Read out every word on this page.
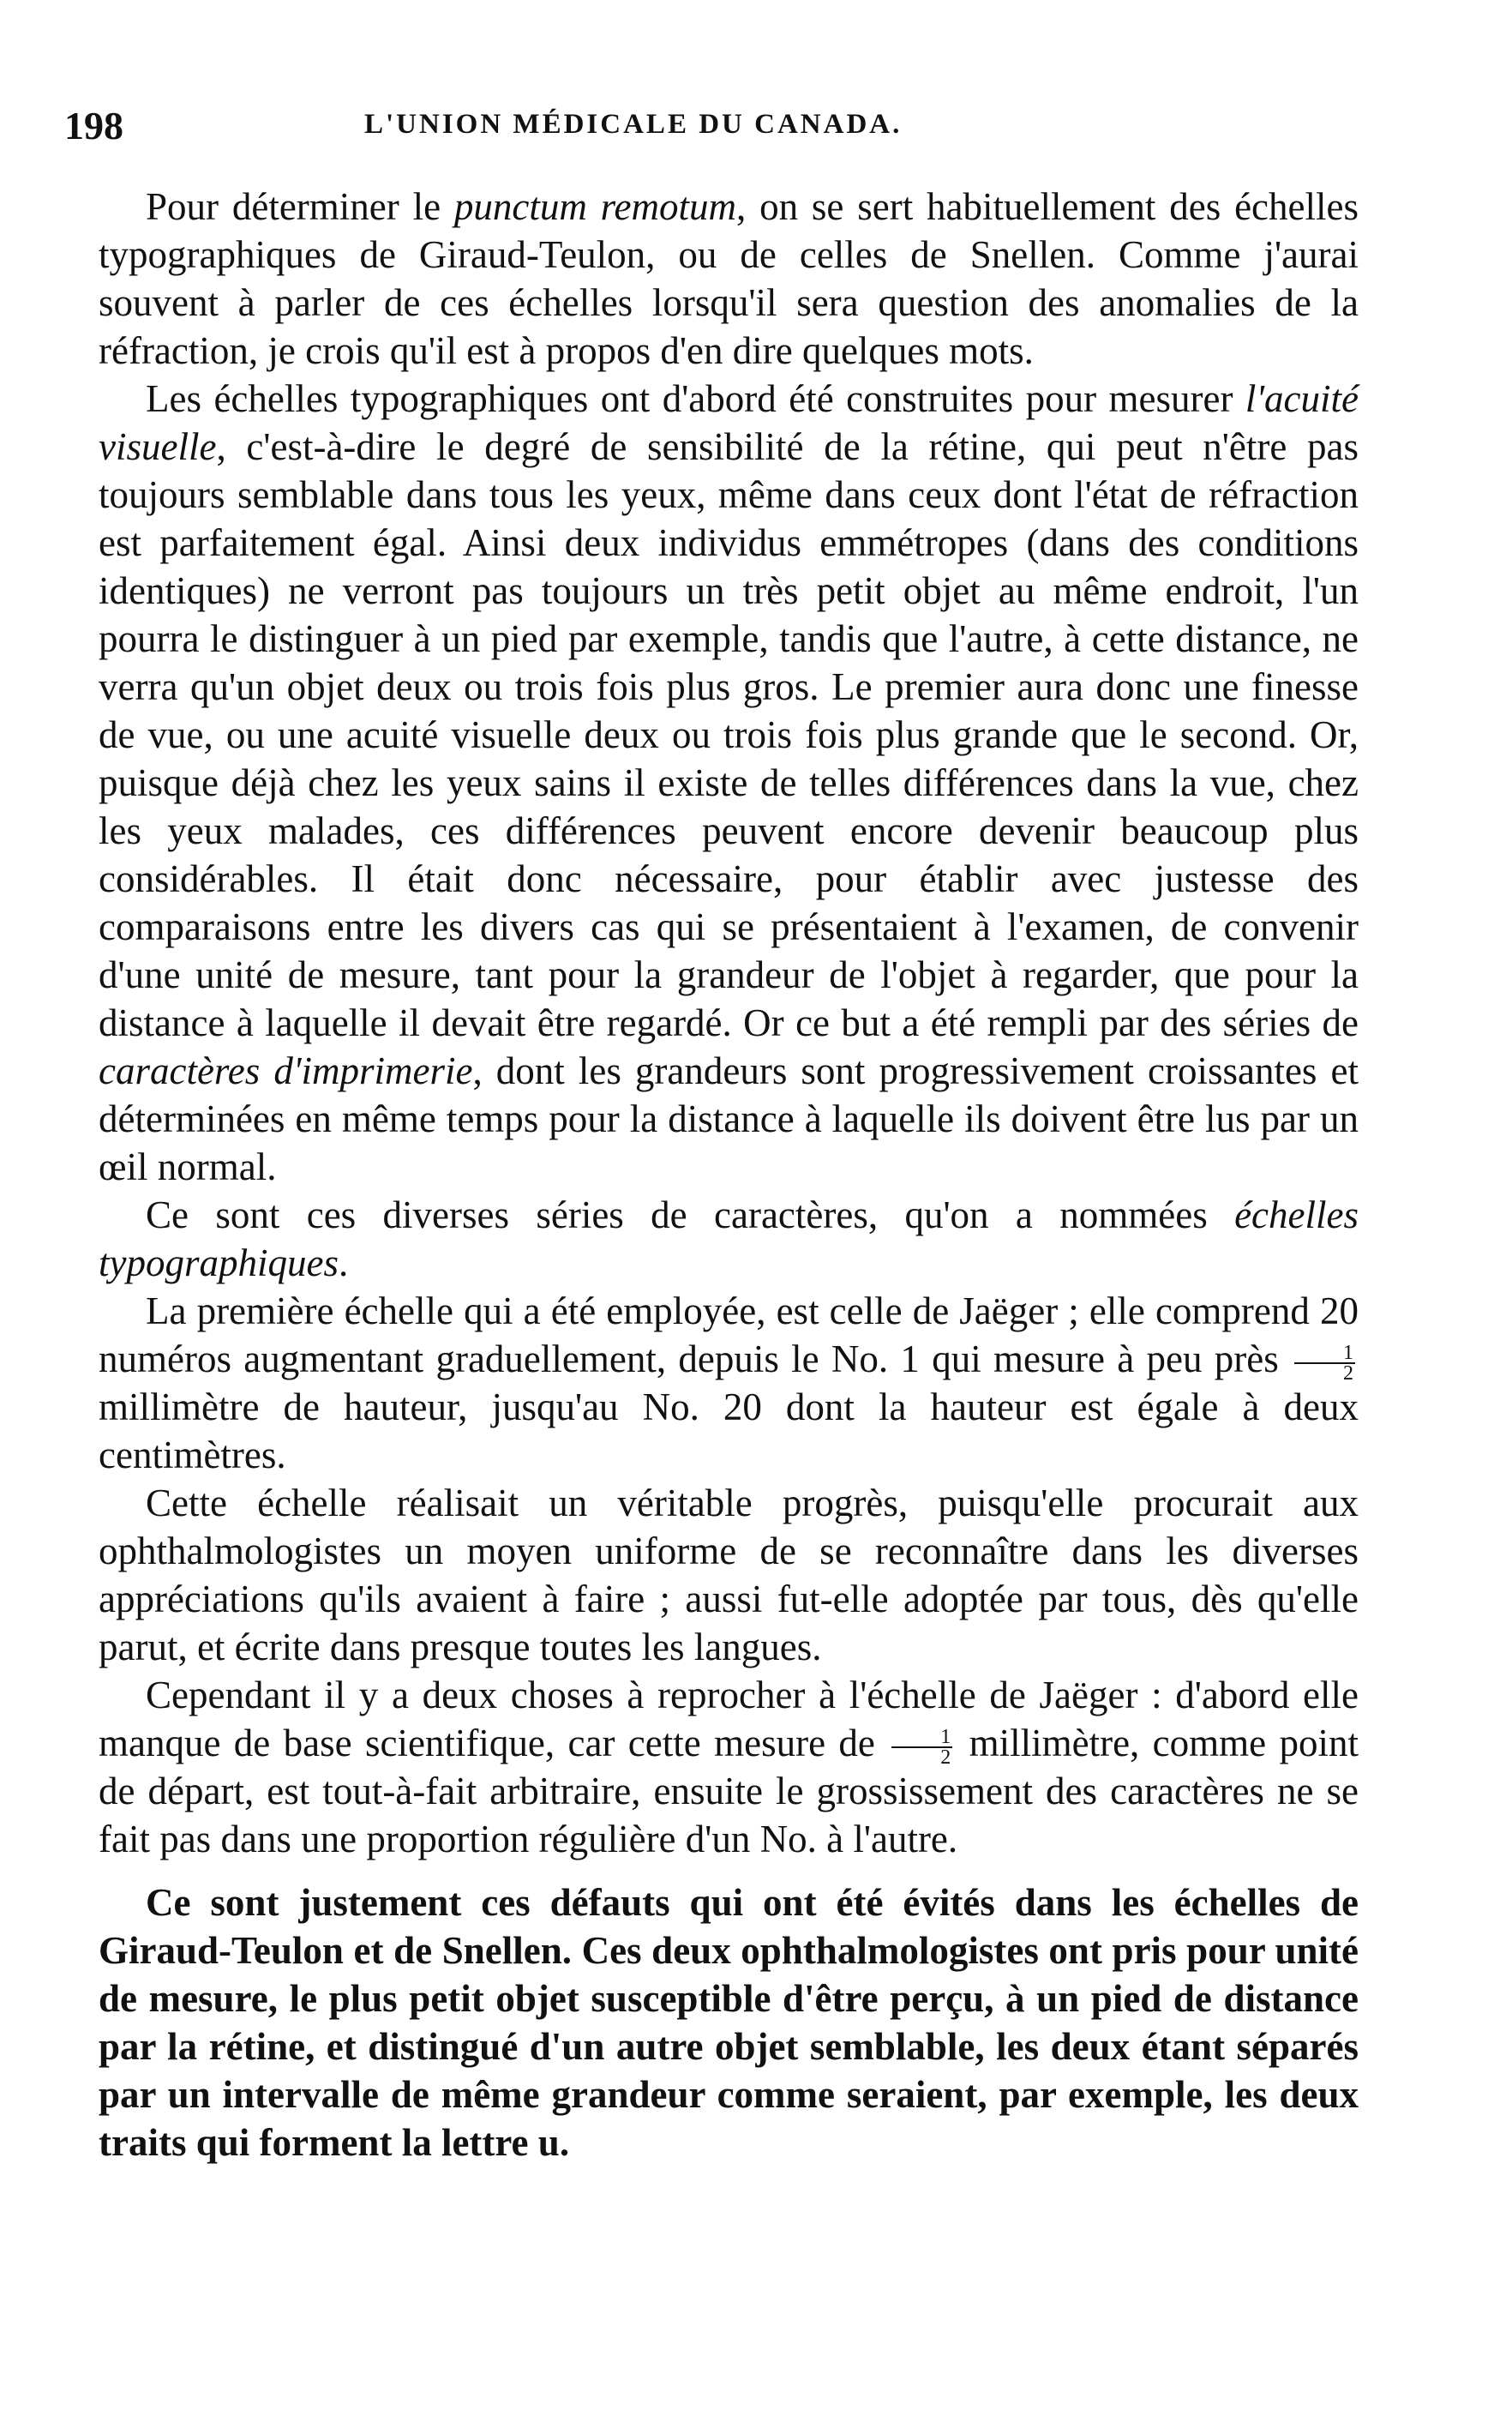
198	L'UNION MÉDICALE DU CANADA.

Pour déterminer le punctum remotum, on se sert habituellement des échelles typographiques de Giraud-Teulon, ou de celles de Snellen. Comme j'aurai souvent à parler de ces échelles lorsqu'il sera question des anomalies de la réfraction, je crois qu'il est à propos d'en dire quelques mots.

Les échelles typographiques ont d'abord été construites pour mesurer l'acuité visuelle, c'est-à-dire le degré de sensibilité de la rétine, qui peut n'être pas toujours semblable dans tous les yeux, même dans ceux dont l'état de réfraction est parfaitement égal. Ainsi deux individus emmétropes (dans des conditions identiques) ne verront pas toujours un très petit objet au même endroit, l'un pourra le distinguer à un pied par exemple, tandis que l'autre, à cette distance, ne verra qu'un objet deux ou trois fois plus gros. Le premier aura donc une finesse de vue, ou une acuité visuelle deux ou trois fois plus grande que le second. Or, puisque déjà chez les yeux sains il existe de telles différences dans la vue, chez les yeux malades, ces différences peuvent encore devenir beaucoup plus considérables. Il était donc nécessaire, pour établir avec justesse des comparaisons entre les divers cas qui se présentaient à l'examen, de convenir d'une unité de mesure, tant pour la grandeur de l'objet à regarder, que pour la distance à laquelle il devait être regardé. Or ce but a été rempli par des séries de caractères d'imprimerie, dont les grandeurs sont progressivement croissantes et déterminées en même temps pour la distance à laquelle ils doivent être lus par un œil normal.

Ce sont ces diverses séries de caractères, qu'on a nommées échelles typographiques.

La première échelle qui a été employée, est celle de Jaëger ; elle comprend 20 numéros augmentant graduellement, depuis le No. 1 qui mesure à peu près $\frac{1}{2}$
millimètre de hauteur, jusqu'au No. 20 dont la hauteur est égale à deux centimètres.

Cette échelle réalisait un véritable progrès, puisqu'elle procurait aux ophthalmologistes un moyen uniforme de se reconnaître dans les diverses appréciations qu'ils avaient à faire ; aussi fut-elle adoptée par tous, dès qu'elle parut, et écrite dans presque toutes les langues.

Cependant il y a deux choses à reprocher à l'échelle de Jaëger : d'abord elle manque de base scientifique, car cette mesure de $\frac{1}{2}$ millimètre, comme point de départ, est tout-à-fait arbitraire, ensuite le grossissement des caractères ne se fait pas dans une proportion régulière d'un No. à l'autre.

Ce sont justement ces défauts qui ont été évités dans les échelles de Giraud-Teulon et de Snellen. Ces deux ophthalmologistes ont pris pour unité de mesure, le plus petit objet susceptible d'être perçu, à un pied de distance par la rétine, et distingué d'un autre objet semblable, les deux étant séparés par un intervalle de même grandeur comme seraient, par exemple, les deux traits qui forment la lettre u.
